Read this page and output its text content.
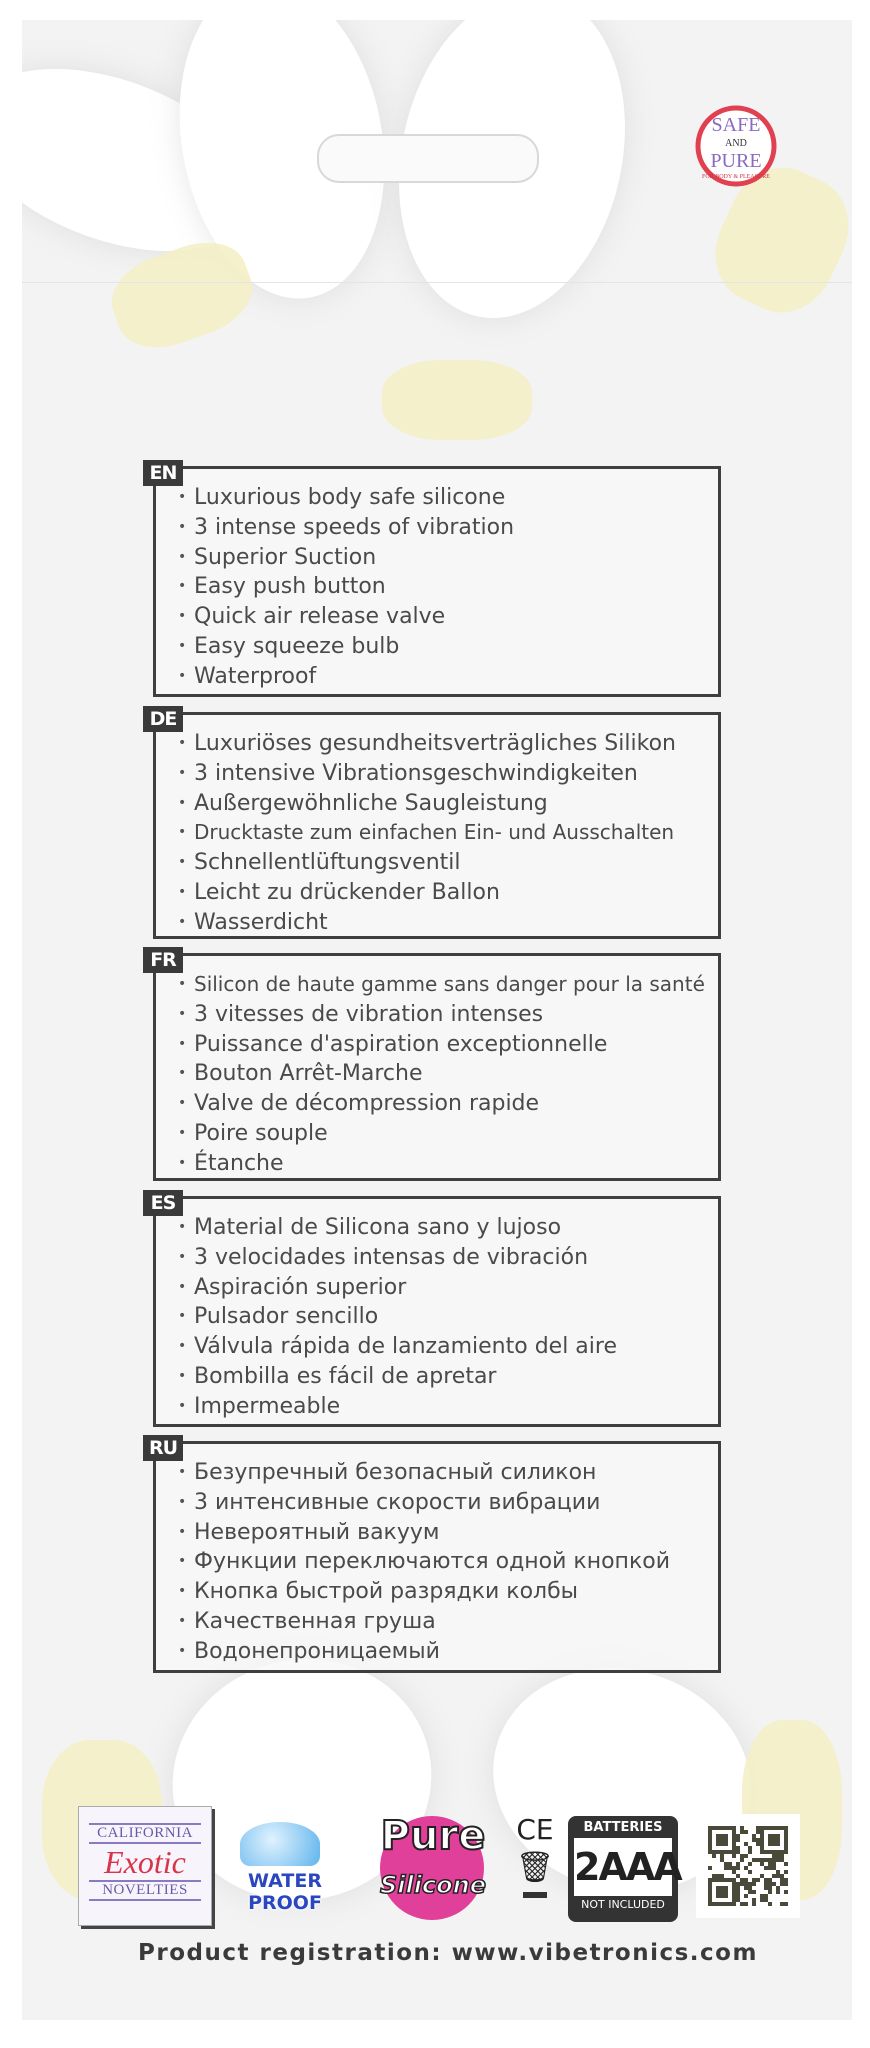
SAFE
AND
PURE
FOR BODY & PLEASURE
• Luxurious body safe silicone
• 3 intense speeds of vibration
• Superior Suction
• Easy push button
• Quick air release valve
• Easy squeeze bulb
• Waterproof
EN
• Luxuriöses gesundheitsverträgliches Silikon
• 3 intensive Vibrationsgeschwindigkeiten
• Außergewöhnliche Saugleistung
• Drucktaste zum einfachen Ein- und Ausschalten
• Schnellentlüftungsventil
• Leicht zu drückender Ballon
• Wasserdicht
DE
• Silicon de haute gamme sans danger pour la santé
• 3 vitesses de vibration intenses
• Puissance d'aspiration exceptionnelle
• Bouton Arrêt-Marche
• Valve de décompression rapide
• Poire souple
• Étanche
FR
• Material de Silicona sano y lujoso
• 3 velocidades intensas de vibración
• Aspiración superior
• Pulsador sencillo
• Válvula rápida de lanzamiento del aire
• Bombilla es fácil de apretar
• Impermeable
ES
• Безупречный безопасный силикон
• 3 интенсивные скорости вибрации
• Невероятный вакуум
• Функции переключаются одной кнопкой
• Кнопка быстрой разрядки колбы
• Качественная груша
• Водонепроницаемый
RU
CALIFORNIA
Exotic
NOVELTIES	WATER
PROOF
Pure
Silicone
CE
🗑
BATTERIES
2AAA
NOT INCLUDED
Product registration: www.vibetronics.com
